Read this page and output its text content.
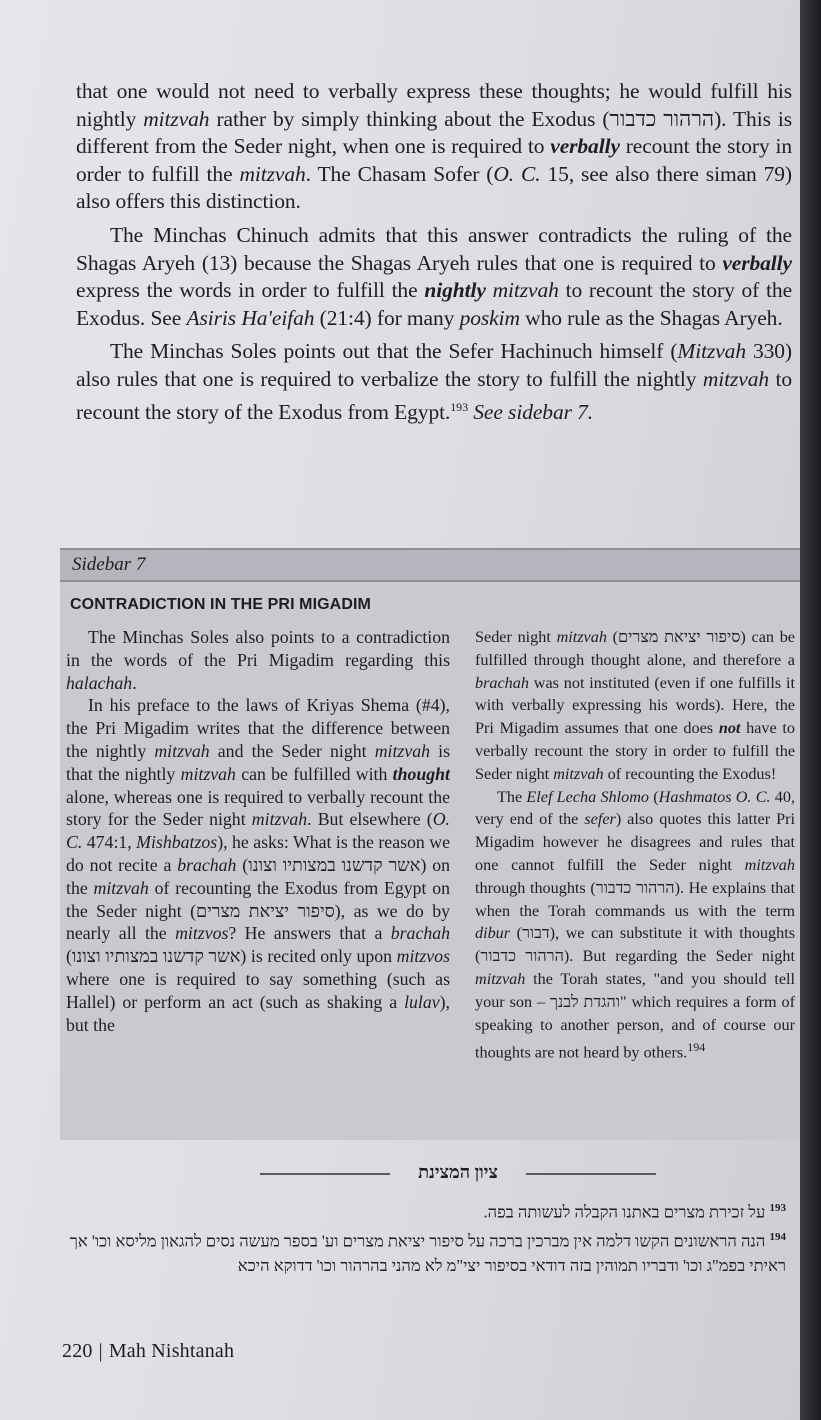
that one would not need to verbally express these thoughts; he would fulfill his nightly mitzvah rather by simply thinking about the Exodus (הרהור כדבור). This is different from the Seder night, when one is required to verbally recount the story in order to fulfill the mitzvah. The Chasam Sofer (O. C. 15, see also there siman 79) also offers this distinction.

The Minchas Chinuch admits that this answer contradicts the ruling of the Shagas Aryeh (13) because the Shagas Aryeh rules that one is required to verbally express the words in order to fulfill the nightly mitzvah to recount the story of the Exodus. See Asiris Ha'eifah (21:4) for many poskim who rule as the Shagas Aryeh.

The Minchas Soles points out that the Sefer Hachinuch himself (Mitzvah 330) also rules that one is required to verbalize the story to fulfill the nightly mitzvah to recount the story of the Exodus from Egypt.$^{193}$ See sidebar 7.

Sidebar 7
CONTRADICTION IN THE PRI MIGADIM

The Minchas Soles also points to a contradiction in the words of the Pri Migadim regarding this halachah.

In his preface to the laws of Kriyas Shema (#4), the Pri Migadim writes that the difference between the nightly mitzvah and the Seder night mitzvah is that the nightly mitzvah can be fulfilled with thought alone, whereas one is required to verbally recount the story for the Seder night mitzvah. But elsewhere (O. C. 474:1, Mishbatzos), he asks: What is the reason we do not recite a brachah (אשר קדשנו במצותיו וצונו) on the mitzvah of recounting the Exodus from Egypt on the Seder night (סיפור יציאת מצרים), as we do by nearly all the mitzvos? He answers that a brachah (אשר קדשנו במצותיו וצונו) is recited only upon mitzvos where one is required to say something (such as Hallel) or perform an act (such as shaking a lulav), but the

Seder night mitzvah (סיפור יציאת מצרים) can be fulfilled through thought alone, and therefore a brachah was not instituted (even if one fulfills it with verbally expressing his words). Here, the Pri Migadim assumes that one does not have to verbally recount the story in order to fulfill the Seder night mitzvah of recounting the Exodus!

The Elef Lecha Shlomo (Hashmatos O. C. 40, very end of the sefer) also quotes this latter Pri Migadim however he disagrees and rules that one cannot fulfill the Seder night mitzvah through thoughts (הרהור כדבור). He explains that when the Torah commands us with the term dibur (דבור), we can substitute it with thoughts (הרהור כדבור). But regarding the Seder night mitzvah the Torah states, "and you should tell your son – והגדת לבנך" which requires a form of speaking to another person, and of course our thoughts are not heard by others.$^{194}$

ציון המצינת
$^{193}$ על זכירת מצרים באתנו הקבלה לעשותה בפה.
$^{194}$ הנה הראשונים הקשו דלמה אין מברכין ברכה על סיפור יציאת מצרים וע' בספר מעשה נסים להגאון מליסא וכו' אך ראיתי בפמ"ג וכו' ודבריו תמוהין בזה דודאי בסיפור יצי"מ לא מהני בהרהור וכו' דדוקא היכא
220 | Mah Nishtanah
